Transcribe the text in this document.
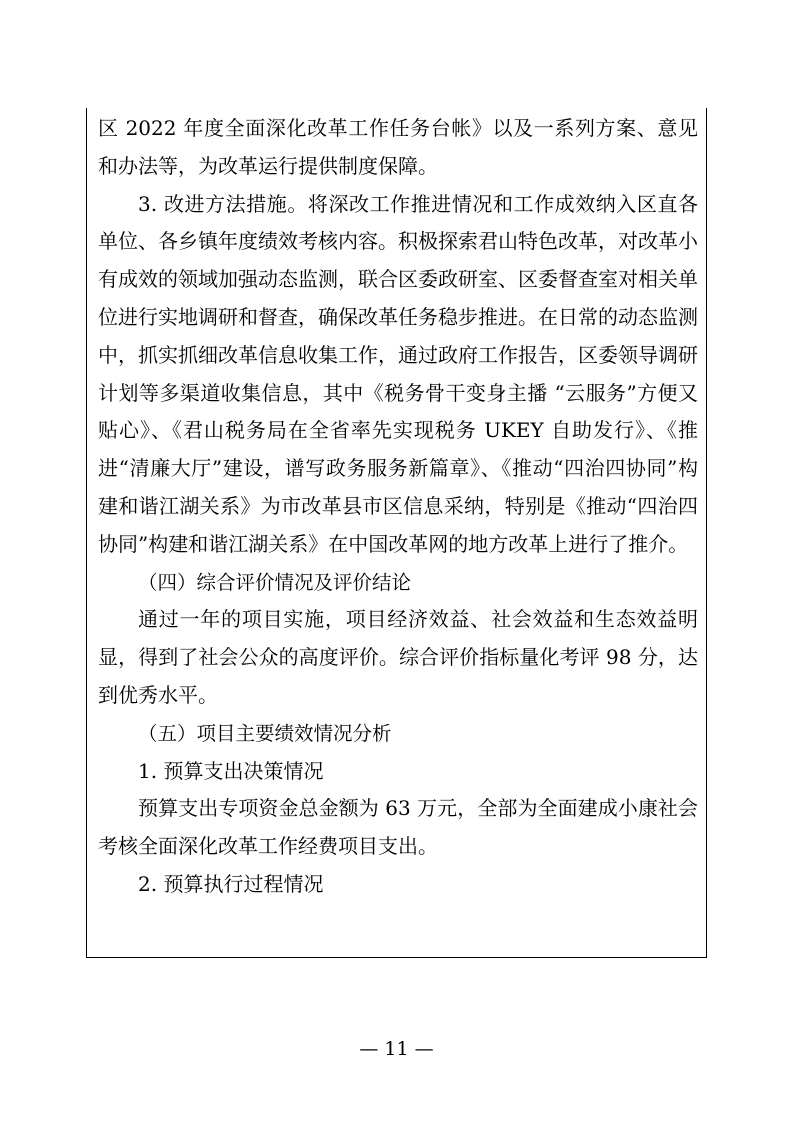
区 2022 年度全面深化改革工作任务台帐》以及一系列方案、意见和办法等，为改革运行提供制度保障。

3. 改进方法措施。将深改工作推进情况和工作成效纳入区直各单位、各乡镇年度绩效考核内容。积极探索君山特色改革，对改革小有成效的领域加强动态监测，联合区委政研室、区委督查室对相关单位进行实地调研和督查，确保改革任务稳步推进。在日常的动态监测中，抓实抓细改革信息收集工作，通过政府工作报告，区委领导调研计划等多渠道收集信息，其中《税务骨干变身主播 “云服务”方便又贴心》、《君山税务局在全省率先实现税务 UKEY 自助发行》、《推进“清廉大厅”建设，谱写政务服务新篇章》、《推动“四治四协同”构建和谐江湖关系》为市改革县市区信息采纳，特别是《推动“四治四协同”构建和谐江湖关系》在中国改革网的地方改革上进行了推介。

（四）综合评价情况及评价结论

通过一年的项目实施，项目经济效益、社会效益和生态效益明显，得到了社会公众的高度评价。综合评价指标量化考评 98 分，达到优秀水平。

（五）项目主要绩效情况分析

1. 预算支出决策情况

预算支出专项资金总金额为 63 万元，全部为全面建成小康社会考核全面深化改革工作经费项目支出。

2. 预算执行过程情况

— 11 —
